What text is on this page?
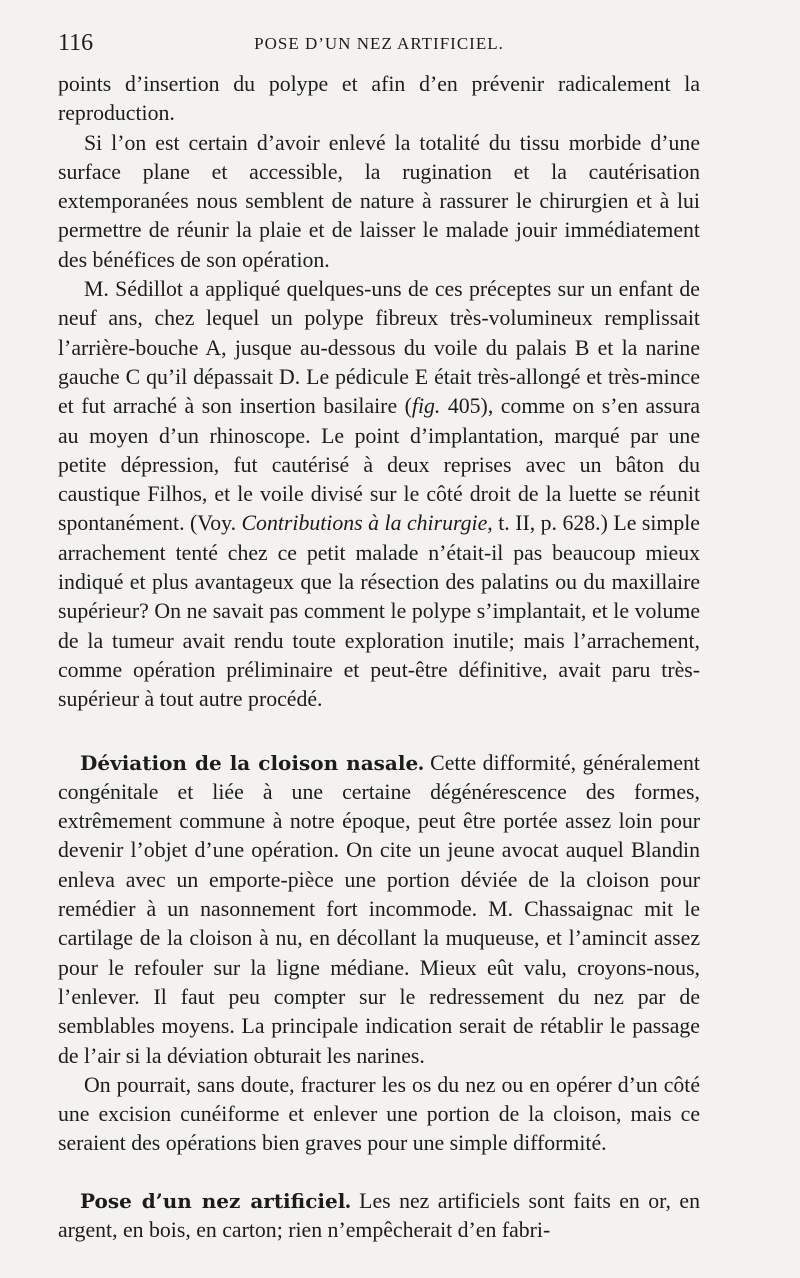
116	POSE D’UN NEZ ARTIFICIEL.

points d’insertion du polype et afin d’en prévenir radicalement la reproduction.

Si l’on est certain d’avoir enlevé la totalité du tissu morbide d’une surface plane et accessible, la rugination et la cautérisation extemporanées nous semblent de nature à rassurer le chirurgien et à lui permettre de réunir la plaie et de laisser le malade jouir immédiatement des bénéfices de son opération.

M. Sédillot a appliqué quelques-uns de ces préceptes sur un enfant de neuf ans, chez lequel un polype fibreux très-volumineux remplissait l’arrière-bouche A, jusque au-dessous du voile du palais B et la narine gauche C qu’il dépassait D. Le pédicule E était très-allongé et très-mince et fut arraché à son insertion basilaire (fig. 405), comme on s’en assura au moyen d’un rhinoscope. Le point d’implantation, marqué par une petite dépression, fut cautérisé à deux reprises avec un bâton du caustique Filhos, et le voile divisé sur le côté droit de la luette se réunit spontanément. (Voy. Contributions à la chirurgie, t. II, p. 628.) Le simple arrachement tenté chez ce petit malade n’était-il pas beaucoup mieux indiqué et plus avantageux que la résection des palatins ou du maxillaire supérieur? On ne savait pas comment le polype s’implantait, et le volume de la tumeur avait rendu toute exploration inutile; mais l’arrachement, comme opération préliminaire et peut-être définitive, avait paru très-supérieur à tout autre procédé.

Déviation de la cloison nasale. Cette difformité, généralement congénitale et liée à une certaine dégénérescence des formes, extrêmement commune à notre époque, peut être portée assez loin pour devenir l’objet d’une opération. On cite un jeune avocat auquel Blandin enleva avec un emporte-pièce une portion déviée de la cloison pour remédier à un nasonnement fort incommode. M. Chassaignac mit le cartilage de la cloison à nu, en décollant la muqueuse, et l’amincit assez pour le refouler sur la ligne médiane. Mieux eût valu, croyons-nous, l’enlever. Il faut peu compter sur le redressement du nez par de semblables moyens. La principale indication serait de rétablir le passage de l’air si la déviation obturait les narines.

On pourrait, sans doute, fracturer les os du nez ou en opérer d’un côté une excision cunéiforme et enlever une portion de la cloison, mais ce seraient des opérations bien graves pour une simple difformité.

Pose d’un nez artificiel. Les nez artificiels sont faits en or, en argent, en bois, en carton; rien n’empêcherait d’en fabri-
